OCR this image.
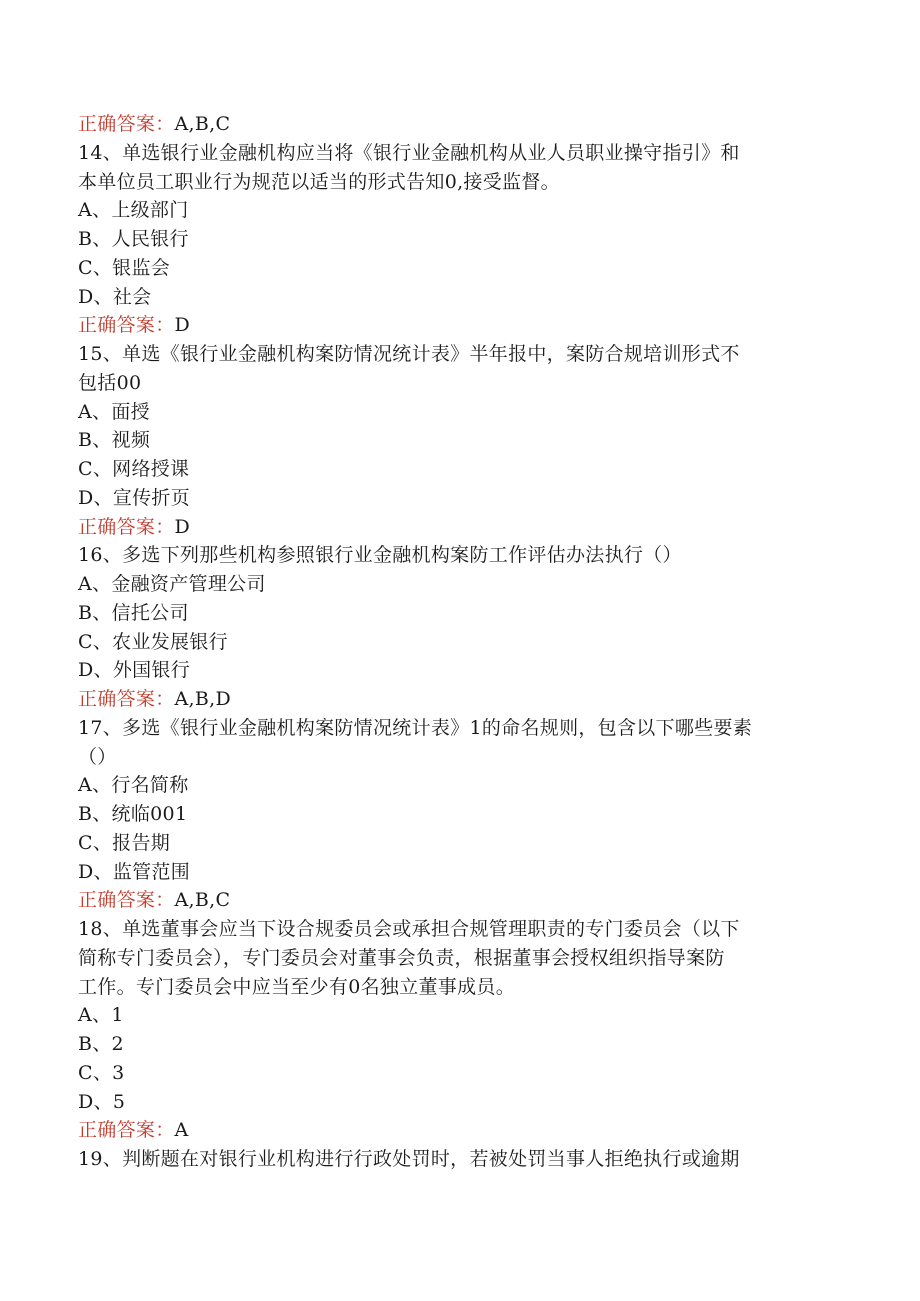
正确答案：A,B,C
14、单选银行业金融机构应当将《银行业金融机构从业人员职业操守指引》和
本单位员工职业行为规范以适当的形式告知0,接受监督。
A、上级部门
B、人民银行
C、银监会
D、社会
正确答案：D
15、单选《银行业金融机构案防情况统计表》半年报中，案防合规培训形式不
包括00
A、面授
B、视频
C、网络授课
D、宣传折页
正确答案：D
16、多选下列那些机构参照银行业金融机构案防工作评估办法执行（）
A、金融资产管理公司
B、信托公司
C、农业发展银行
D、外国银行
正确答案：A,B,D
17、多选《银行业金融机构案防情况统计表》1的命名规则，包含以下哪些要素
（）
A、行名简称
B、统临001
C、报告期
D、监管范围
正确答案：A,B,C
18、单选董事会应当下设合规委员会或承担合规管理职责的专门委员会（以下
简称专门委员会），专门委员会对董事会负责，根据董事会授权组织指导案防
工作。专门委员会中应当至少有0名独立董事成员。
A、1
B、2
C、3
D、5
正确答案：A
19、判断题在对银行业机构进行行政处罚时，若被处罚当事人拒绝执行或逾期
